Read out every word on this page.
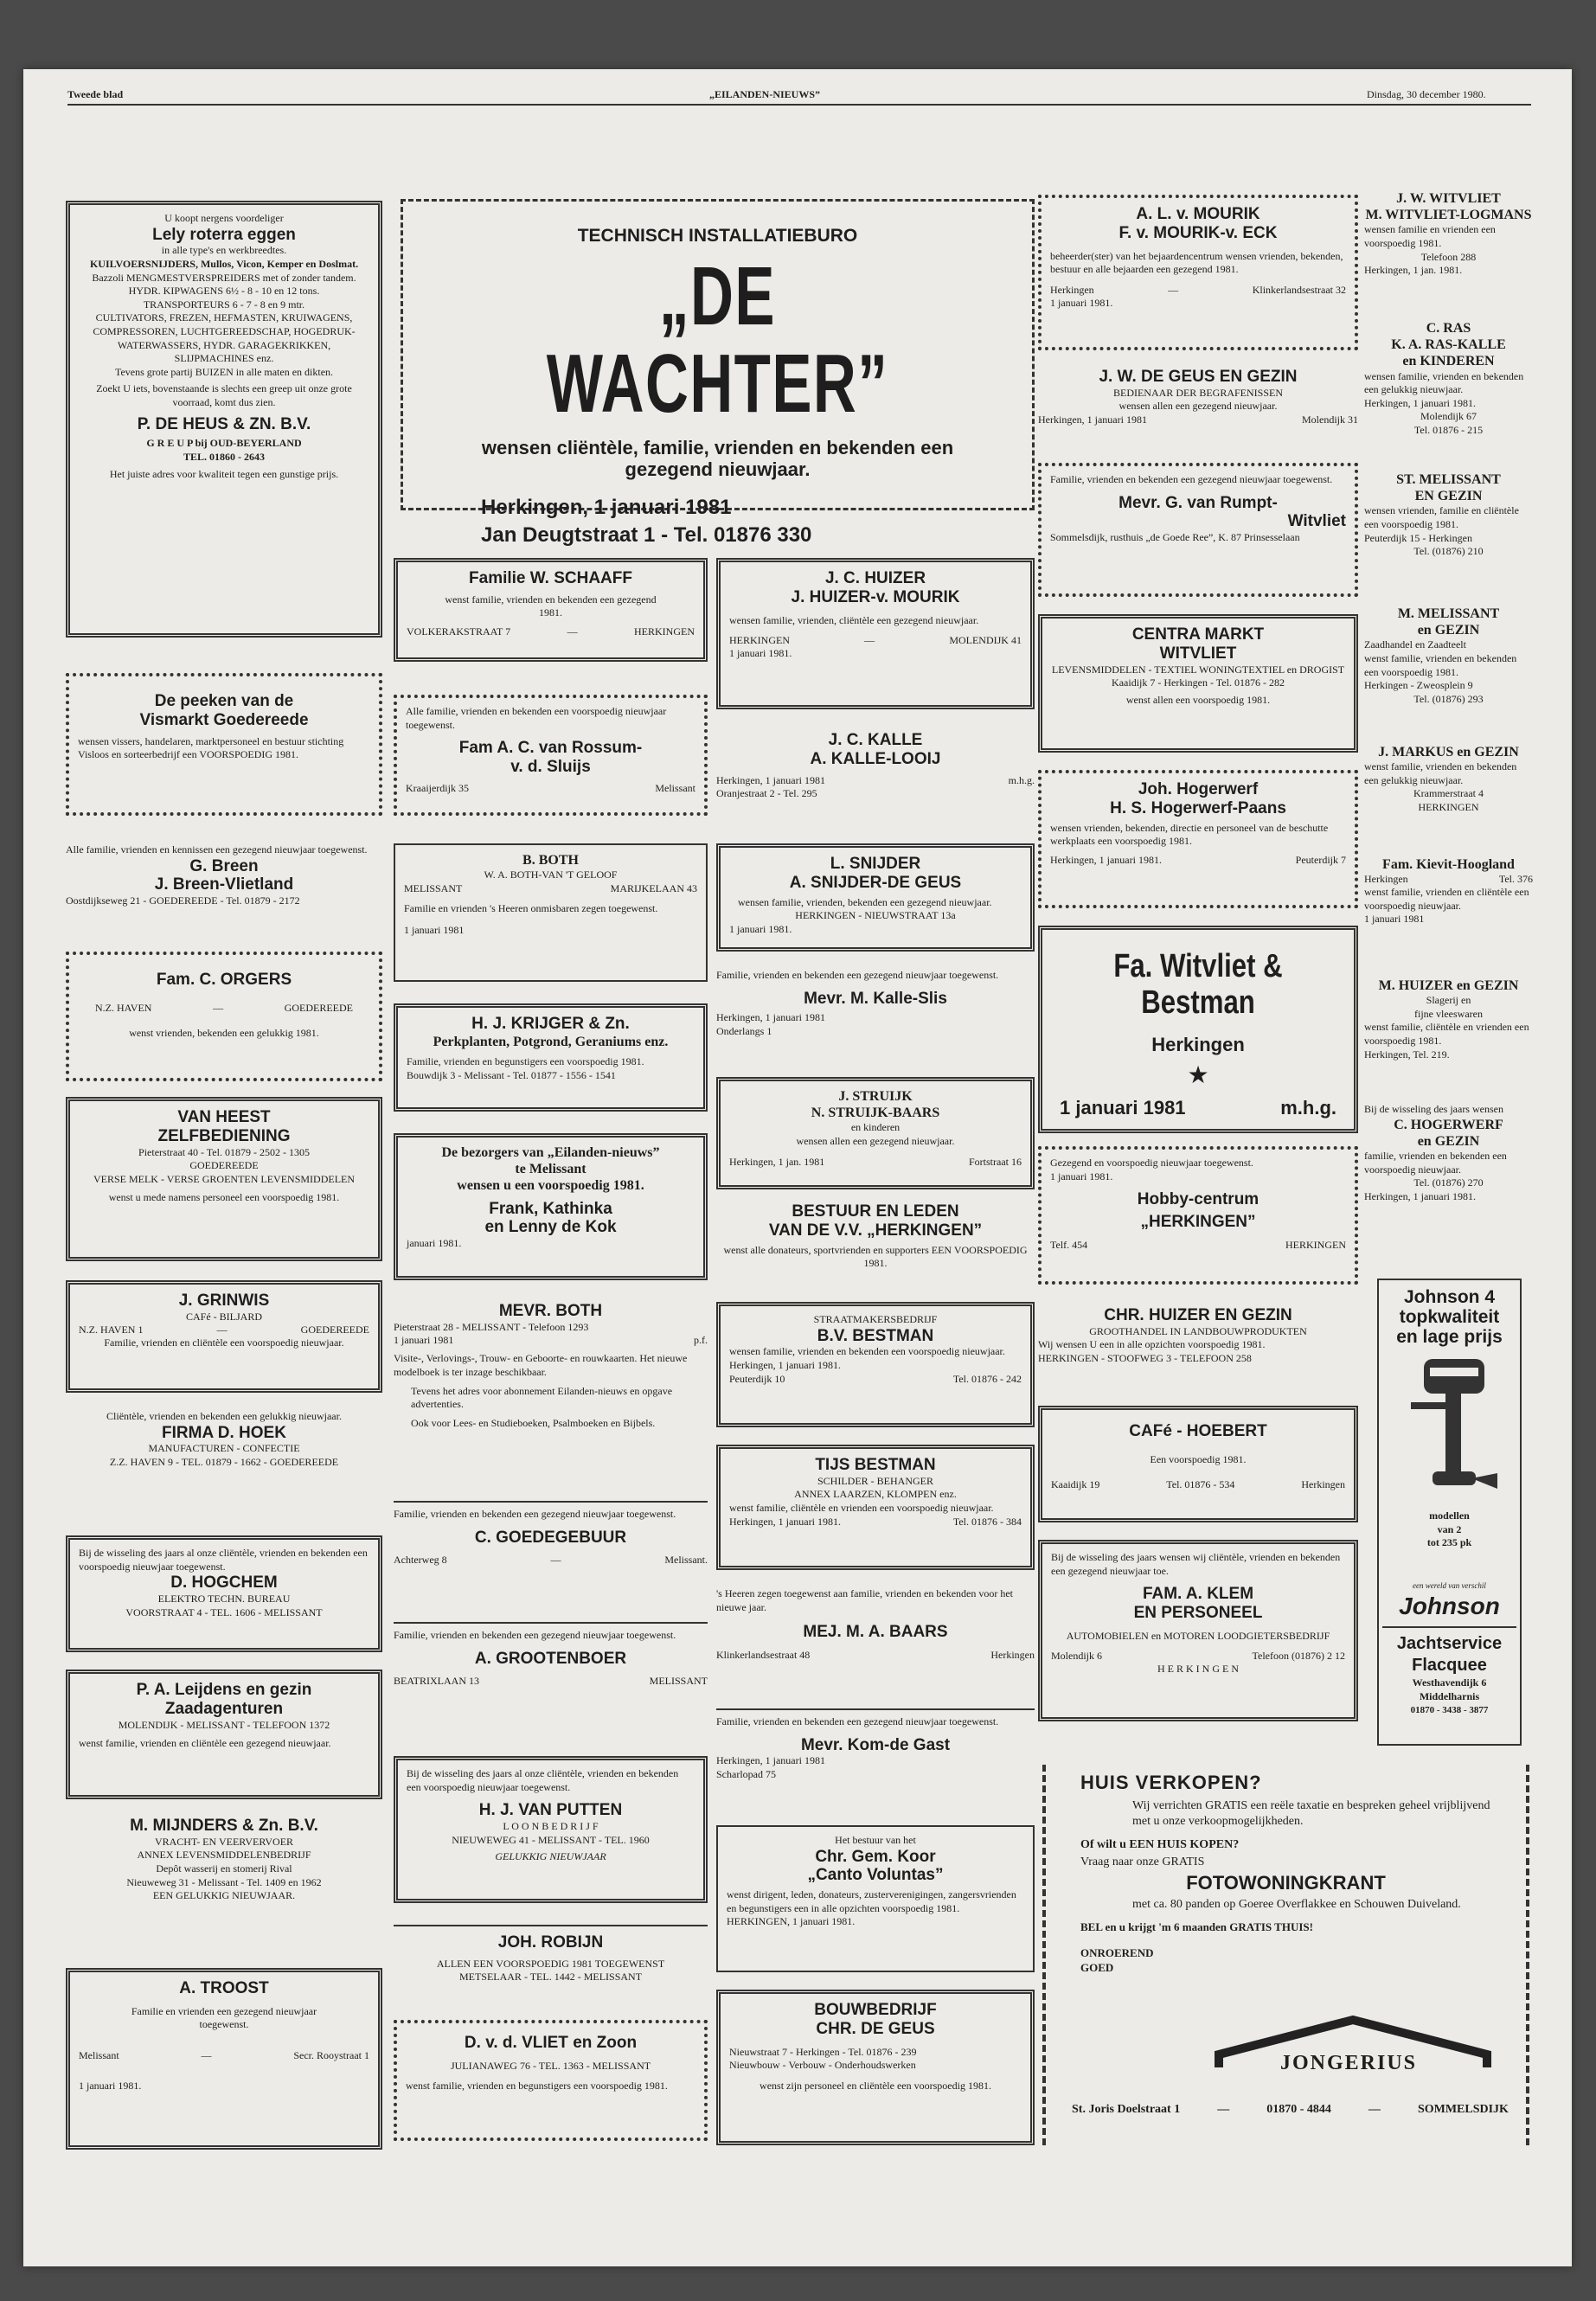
Tweede blad	„EILANDEN-NIEUWS”	Dinsdag, 30 december 1980.
U koopt nergens voordeliger
Lely roterra eggen
in alle type's en werkbreedtes.
KUILVOERSNIJDERS, Mullos, Vicon, Kemper en Doslmat.
Bazzoli MENGMESTVERSPREIDERS met of zonder tandem.
HYDR. KIPWAGENS 6½ - 8 - 10 en 12 tons.
TRANSPORTEURS 6 - 7 - 8 en 9 mtr.
CULTIVATORS, FREZEN, HEFMASTEN, KRUIWAGENS, COMPRESSOREN, LUCHTGEREEDSCHAP, HOGEDRUK-WATERWASSERS, HYDR. GARAGEKRIKKEN, SLIJPMACHINES enz.
Tevens grote partij BUIZEN in alle maten en dikten.
Zoekt U iets, bovenstaande is slechts een greep uit onze grote voorraad, komt dus zien.
P. DE HEUS & ZN. B.V.
G R E U P bij OUD-BEYERLAND
TEL. 01860 - 2643
Het juiste adres voor kwaliteit tegen een gunstige prijs.
De peeken van de
Vismarkt Goedereede
wensen vissers, handelaren, marktpersoneel en bestuur stichting Visloos en sorteerbedrijf een VOORSPOEDIG 1981.
Alle familie, vrienden en kennissen een gezegend nieuwjaar toegewenst.
G. Breen
J. Breen-Vlietland
Oostdijkseweg 21 - GOEDEREEDE - Tel. 01879 - 2172
Fam. C. ORGERS
N.Z. HAVEN	—	GOEDEREEDE
wenst vrienden, bekenden een gelukkig 1981.
VAN HEEST
ZELFBEDIENING
Pieterstraat 40 - Tel. 01879 - 2502 - 1305
GOEDEREEDE
VERSE MELK - VERSE GROENTEN LEVENSMIDDELEN
wenst u mede namens personeel een voorspoedig 1981.
J. GRINWIS
CAFé - BILJARD
N.Z. HAVEN 1	—	GOEDEREEDE
Familie, vrienden en cliëntèle een voorspoedig nieuwjaar.
Cliëntèle, vrienden en bekenden een gelukkig nieuwjaar.
FIRMA D. HOEK
MANUFACTUREN - CONFECTIE
Z.Z. HAVEN 9 - TEL. 01879 - 1662 - GOEDEREEDE
Bij de wisseling des jaars al onze cliëntèle, vrienden en bekenden een voorspoedig nieuwjaar toegewenst.
D. HOGCHEM
ELEKTRO TECHN. BUREAU
VOORSTRAAT 4 - TEL. 1606 - MELISSANT
P. A. Leijdens en gezin
Zaadagenturen
MOLENDIJK - MELISSANT - TELEFOON 1372
wenst familie, vrienden en cliëntèle een gezegend nieuwjaar.
M. MIJNDERS & Zn. B.V.
VRACHT- EN VEERVERVOER
ANNEX LEVENSMIDDELENBEDRIJF
Depôt wasserij en stomerij Rival
Nieuweweg 31 - Melissant - Tel. 1409 en 1962
EEN GELUKKIG NIEUWJAAR.
A. TROOST
Familie en vrienden een gezegend nieuwjaar toegewenst.
Melissant	—	Secr. Rooystraat 1
1 januari 1981.
TECHNISCH INSTALLATIEBURO
„DE WACHTER”
wensen cliëntèle, familie, vrienden en bekenden een gezegend nieuwjaar.
Herkingen, 1 januari 1981
Jan Deugtstraat 1 - Tel. 01876 330
Familie W. SCHAAFF
wenst familie, vrienden en bekenden een gezegend 1981.
VOLKERAKSTRAAT 7	—	HERKINGEN
Alle familie, vrienden en bekenden een voorspoedig nieuwjaar toegewenst.
Fam A. C. van Rossum-
v. d. Sluijs
Kraaijerdijk 35	Melissant
B. BOTH
W. A. BOTH-VAN 'T GELOOF
MELISSANT	MARIJKELAAN 43
Familie en vrienden 's Heeren onmisbaren zegen toegewenst.
1 januari 1981
H. J. KRIJGER & Zn.
Perkplanten, Potgrond, Geraniums enz.
Familie, vrienden en begunstigers een voorspoedig 1981.
Bouwdijk 3 - Melissant - Tel. 01877 - 1556 - 1541
De bezorgers van „Eilanden-nieuws”
te Melissant
wensen u een voorspoedig 1981.
Frank, Kathinka
en Lenny de Kok
januari 1981.
MEVR. BOTH
Pieterstraat 28 - MELISSANT - Telefoon 1293
1 januari 1981	p.f.
Visite-, Verlovings-, Trouw- en Geboorte- en rouwkaarten. Het nieuwe modelboek is ter inzage beschikbaar.
Tevens het adres voor abonnement Eilanden-nieuws en opgave advertenties.
Ook voor Lees- en Studieboeken, Psalmboeken en Bijbels.
Familie, vrienden en bekenden een gezegend nieuwjaar toegewenst.
C. GOEDEGEBUUR
Achterweg 8	—	Melissant.
Familie, vrienden en bekenden een gezegend nieuwjaar toegewenst.
A. GROOTENBOER
BEATRIXLAAN 13	MELISSANT
Bij de wisseling des jaars al onze cliëntèle, vrienden en bekenden een voorspoedig nieuwjaar toegewenst.
H. J. VAN PUTTEN
L O O N B E D R I J F
NIEUWEWEG 41 - MELISSANT - TEL. 1960
GELUKKIG NIEUWJAAR
JOH. ROBIJN
ALLEN EEN VOORSPOEDIG 1981 TOEGEWENST
METSELAAR - TEL. 1442 - MELISSANT
D. v. d. VLIET en Zoon
JULIANAWEG 76 - TEL. 1363 - MELISSANT
wenst familie, vrienden en begunstigers een voorspoedig 1981.
J. C. HUIZER
J. HUIZER-v. MOURIK
wensen familie, vrienden, cliëntèle een gezegend nieuwjaar.
HERKINGEN	—	MOLENDIJK 41
1 januari 1981.
J. C. KALLE
A. KALLE-LOOIJ
Herkingen, 1 januari 1981	m.h.g.
Oranjestraat 2 - Tel. 295
L. SNIJDER
A. SNIJDER-DE GEUS
wensen familie, vrienden, bekenden een gezegend nieuwjaar.
HERKINGEN - NIEUWSTRAAT 13a
1 januari 1981.
Familie, vrienden en bekenden een gezegend nieuwjaar toegewenst.
Mevr. M. Kalle-Slis
Herkingen, 1 januari 1981
Onderlangs 1
J. STRUIJK
N. STRUIJK-BAARS
en kinderen
wensen allen een gezegend nieuwjaar.
Herkingen, 1 jan. 1981	Fortstraat 16
BESTUUR EN LEDEN
VAN DE V.V. „HERKINGEN”
wenst alle donateurs, sportvrienden en supporters EEN VOORSPOEDIG 1981.
STRAATMAKERSBEDRIJF
B.V. BESTMAN
wensen familie, vrienden en bekenden een voorspoedig nieuwjaar.
Herkingen, 1 januari 1981.
Peuterdijk 10	Tel. 01876 - 242
TIJS BESTMAN
SCHILDER - BEHANGER
ANNEX LAARZEN, KLOMPEN enz.
wenst familie, cliëntèle en vrienden een voorspoedig nieuwjaar.
Herkingen, 1 januari 1981.	Tel. 01876 - 384
's Heeren zegen toegewenst aan familie, vrienden en bekenden voor het nieuwe jaar.
MEJ. M. A. BAARS
Klinkerlandsestraat 48	Herkingen
Familie, vrienden en bekenden een gezegend nieuwjaar toegewenst.
Mevr. Kom-de Gast
Herkingen, 1 januari 1981
Scharlopad 75
Het bestuur van het
Chr. Gem. Koor
„Canto Voluntas”
wenst dirigent, leden, donateurs, zusterverenigingen, zangersvrienden en begunstigers een in alle opzichten voorspoedig 1981.
HERKINGEN, 1 januari 1981.
BOUWBEDRIJF
CHR. DE GEUS
Nieuwstraat 7 - Herkingen - Tel. 01876 - 239
Nieuwbouw - Verbouw - Onderhoudswerken
wenst zijn personeel en cliëntèle een voorspoedig 1981.
A. L. v. MOURIK
F. v. MOURIK-v. ECK
beheerder(ster) van het bejaardencentrum wensen vrienden, bekenden, bestuur en alle bejaarden een gezegend 1981.
Herkingen	—	Klinkerlandsestraat 32
1 januari 1981.
J. W. DE GEUS EN GEZIN
BEDIENAAR DER BEGRAFENISSEN
wensen allen een gezegend nieuwjaar.
Herkingen, 1 januari 1981	Molendijk 31
Familie, vrienden en bekenden een gezegend nieuwjaar toegewenst.
Mevr. G. van Rumpt-
Witvliet
Sommelsdijk, rusthuis „de Goede Ree”, K. 87 Prinsesselaan
CENTRA MARKT
WITVLIET
LEVENSMIDDELEN - TEXTIEL WONINGTEXTIEL en DROGIST
Kaaidijk 7 - Herkingen - Tel. 01876 - 282
wenst allen een voorspoedig 1981.
Joh. Hogerwerf
H. S. Hogerwerf-Paans
wensen vrienden, bekenden, directie en personeel van de beschutte werkplaats een voorspoedig 1981.
Herkingen, 1 januari 1981.	Peuterdijk 7
Fa. Witvliet & Bestman
Herkingen
★
1 januari 1981	m.h.g.
Gezegend en voorspoedig nieuwjaar toegewenst.
1 januari 1981.
Hobby-centrum
„HERKINGEN”
Telf. 454	HERKINGEN
CHR. HUIZER EN GEZIN
GROOTHANDEL IN LANDBOUWPRODUKTEN
Wij wensen U een in alle opzichten voorspoedig 1981.
HERKINGEN - STOOFWEG 3 - TELEFOON 258
CAFé - HOEBERT
Een voorspoedig 1981.
Kaaidijk 19	Tel. 01876 - 534	Herkingen
Bij de wisseling des jaars wensen wij cliëntèle, vrienden en bekenden een gezegend nieuwjaar toe.
FAM. A. KLEM
EN PERSONEEL
AUTOMOBIELEN en MOTOREN LOODGIETERSBEDRIJF
Molendijk 6	Telefoon (01876) 2 12
H E R K I N G E N
HUIS VERKOPEN?
Wij verrichten GRATIS een reële taxatie en bespreken geheel vrijblijvend met u onze verkoopmogelijkheden.
Of wilt u EEN HUIS KOPEN?
Vraag naar onze GRATIS
FOTOWONINGKRANT
met ca. 80 panden op Goeree Overflakkee en Schouwen Duiveland.
BEL en u krijgt 'm 6 maanden GRATIS THUIS!
ONROEREND
GOED
JONGERIUS
St. Joris Doelstraat 1	—	01870 - 4844	—	SOMMELSDIJK
J. W. WITVLIET
M. WITVLIET-LOGMANS
wensen familie en vrienden een voorspoedig 1981.
Telefoon 288
Herkingen, 1 jan. 1981.
C. RAS
K. A. RAS-KALLE
en KINDEREN
wensen familie, vrienden en bekenden een gelukkig nieuwjaar.
Herkingen, 1 januari 1981.
Molendijk 67
Tel. 01876 - 215
ST. MELISSANT
EN GEZIN
wensen vrienden, familie en cliëntèle een voorspoedig 1981.
Peuterdijk 15 - Herkingen
Tel. (01876) 210
M. MELISSANT
en GEZIN
Zaadhandel en Zaadteelt
wenst familie, vrienden en bekenden een voorspoedig 1981.
Herkingen - Zweosplein 9
Tel. (01876) 293
J. MARKUS en GEZIN
wenst familie, vrienden en bekenden een gelukkig nieuwjaar.
Krammerstraat 4
HERKINGEN
Fam. Kievit-Hoogland
Herkingen	Tel. 376
wenst familie, vrienden en cliëntèle een voorspoedig nieuwjaar.
1 januari 1981
M. HUIZER en GEZIN
Slagerij en
fijne vleeswaren
wenst familie, cliëntèle en vrienden een voorspoedig 1981.
Herkingen, Tel. 219.
Bij de wisseling des jaars wensen
C. HOGERWERF
en GEZIN
familie, vrienden en bekenden een voorspoedig nieuwjaar.
Tel. (01876) 270
Herkingen, 1 januari 1981.
Johnson 4
topkwaliteit
en lage prijs
modellen
van 2
tot 235 pk
een wereld van verschil
Johnson
Jachtservice
Flacquee
Westhavendijk 6
Middelharnis
01870 - 3438 - 3877
